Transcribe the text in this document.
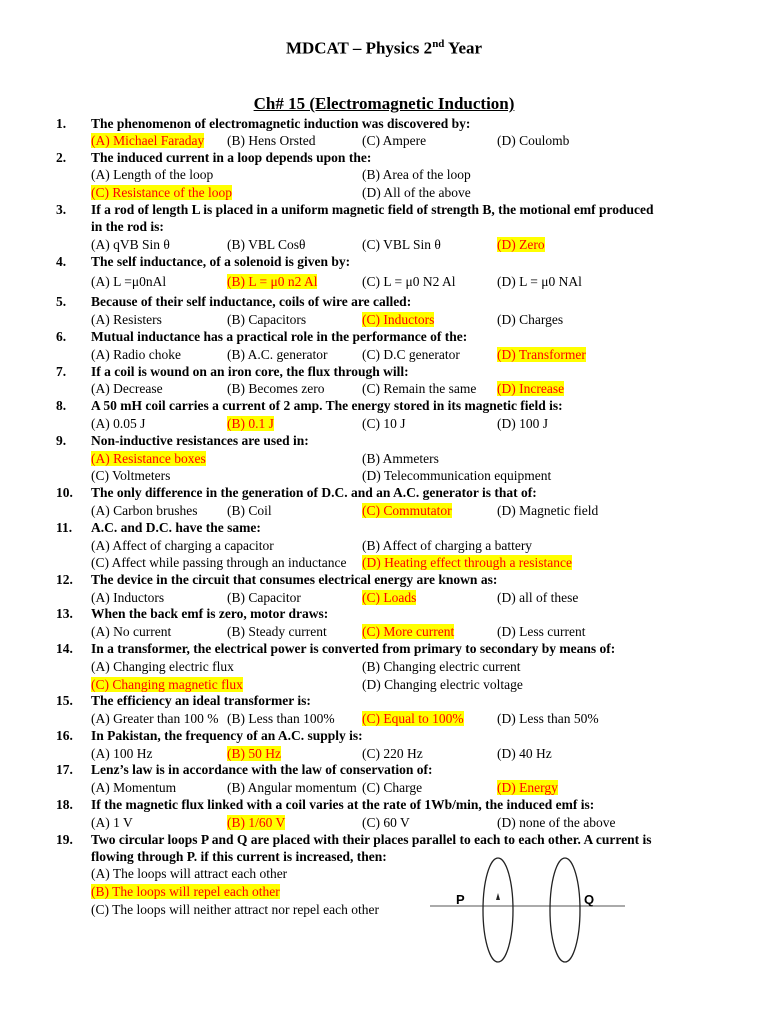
MDCAT – Physics 2nd Year
Ch# 15 (Electromagnetic Induction)
1. The phenomenon of electromagnetic induction was discovered by:
(A) Michael Faraday (B) Hens Orsted	(C) Ampere	(D) Coulomb
2. The induced current in a loop depends upon the:
(A) Length of the loop	(B) Area of the loop
(C) Resistance of the loop	(D) All of the above
3. If a rod of length L is placed in a uniform magnetic field of strength B, the motional emf produced
in the rod is:
(A) qVB Sin θ	(B) VBL Cosθ	(C) VBL Sin θ	(D) Zero
4. The self inductance, of a solenoid is given by:
(A) L =μ0nAl	(B) L = μ0 n2 Al	(C) L = μ0 N2 Al	(D) L = μ0 NAl
5. Because of their self inductance, coils of wire are called:
(A) Resisters	(B) Capacitors	(C) Inductors	(D) Charges
6. Mutual inductance has a practical role in the performance of the:
(A) Radio choke	(B) A.C. generator	(C) D.C generator	(D) Transformer
7. If a coil is wound on an iron core, the flux through will:
(A) Decrease	(B) Becomes zero	(C) Remain the same (D) Increase
8. A 50 mH coil carries a current of 2 amp. The energy stored in its magnetic field is:
(A) 0.05 J	(B) 0.1 J	(C) 10 J	(D) 100 J
9. Non-inductive resistances are used in:
(A) Resistance boxes	(B) Ammeters
(C) Voltmeters	(D) Telecommunication equipment
10. The only difference in the generation of D.C. and an A.C. generator is that of:
(A) Carbon brushes (B) Coil	(C) Commutator	(D) Magnetic field
11. A.C. and D.C. have the same:
(A) Affect of charging a capacitor	(B) Affect of charging a battery
(C) Affect while passing through an inductance (D) Heating effect through a resistance
12. The device in the circuit that consumes electrical energy are known as:
(A) Inductors	(B) Capacitor	(C) Loads	(D) all of these
13. When the back emf is zero, motor draws:
(A) No current	(B) Steady current	(C) More current	(D) Less current
14. In a transformer, the electrical power is converted from primary to secondary by means of:
(A) Changing electric flux	(B) Changing electric current
(C) Changing magnetic flux	(D) Changing electric voltage
15. The efficiency an ideal transformer is:
(A) Greater than 100 % (B) Less than 100% (C) Equal to 100% (D) Less than 50%
16. In Pakistan, the frequency of an A.C. supply is:
(A) 100 Hz	(B) 50 Hz	(C) 220 Hz	(D) 40 Hz
17. Lenz’s law is in accordance with the law of conservation of:
(A) Momentum	(B) Angular momentum (C) Charge	(D) Energy
18. If the magnetic flux linked with a coil varies at the rate of 1Wb/min, the induced emf is:
(A) 1 V	(B) 1/60 V	(C) 60 V	(D) none of the above
19. Two circular loops P and Q are placed with their places parallel to each to each other. A current is
flowing through P. if this current is increased, then:
(A) The loops will attract each other
(B) The loops will repel each other
(C) The loops will neither attract nor repel each other
P	Q
